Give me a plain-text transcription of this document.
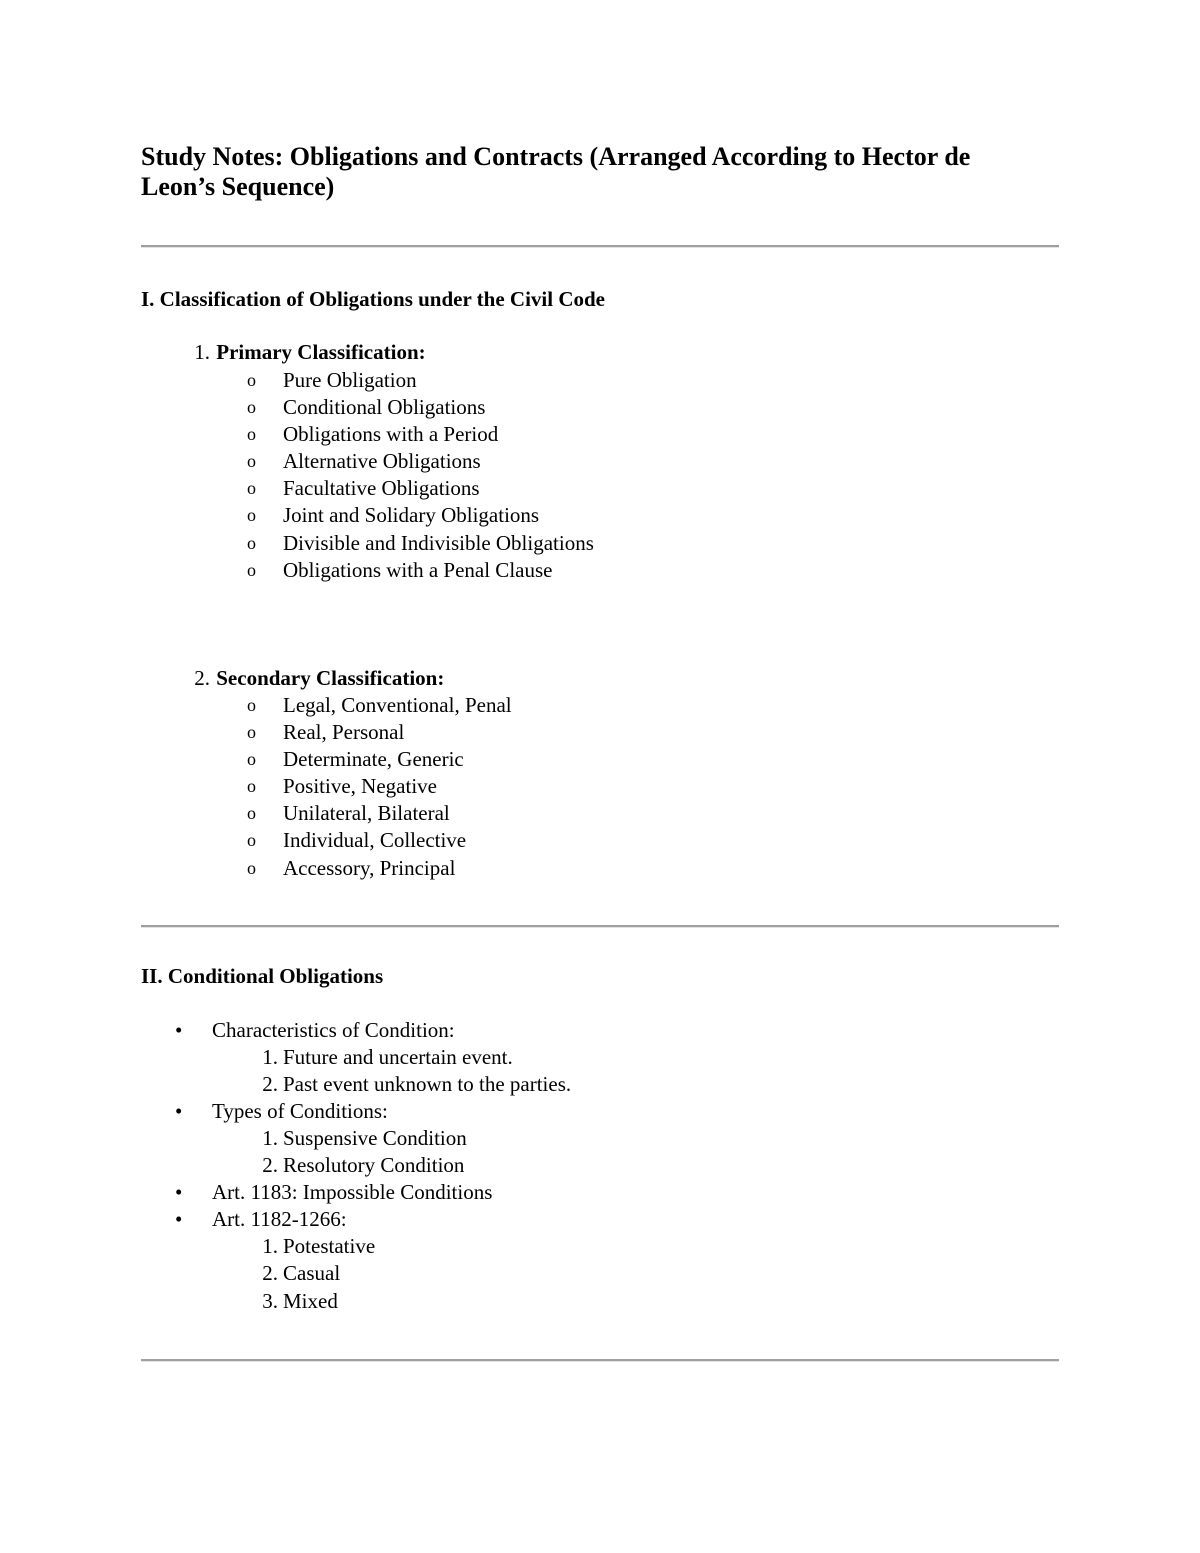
Study Notes: Obligations and Contracts (Arranged According to Hector de Leon’s Sequence)
I. Classification of Obligations under the Civil Code
1. Primary Classification:
o Pure Obligation
o Conditional Obligations
o Obligations with a Period
o Alternative Obligations
o Facultative Obligations
o Joint and Solidary Obligations
o Divisible and Indivisible Obligations
o Obligations with a Penal Clause
2. Secondary Classification:
o Legal, Conventional, Penal
o Real, Personal
o Determinate, Generic
o Positive, Negative
o Unilateral, Bilateral
o Individual, Collective
o Accessory, Principal
II. Conditional Obligations
• Characteristics of Condition:
1. Future and uncertain event.
2. Past event unknown to the parties.
• Types of Conditions:
1. Suspensive Condition
2. Resolutory Condition
• Art. 1183: Impossible Conditions
• Art. 1182-1266:
1. Potestative
2. Casual
3. Mixed
